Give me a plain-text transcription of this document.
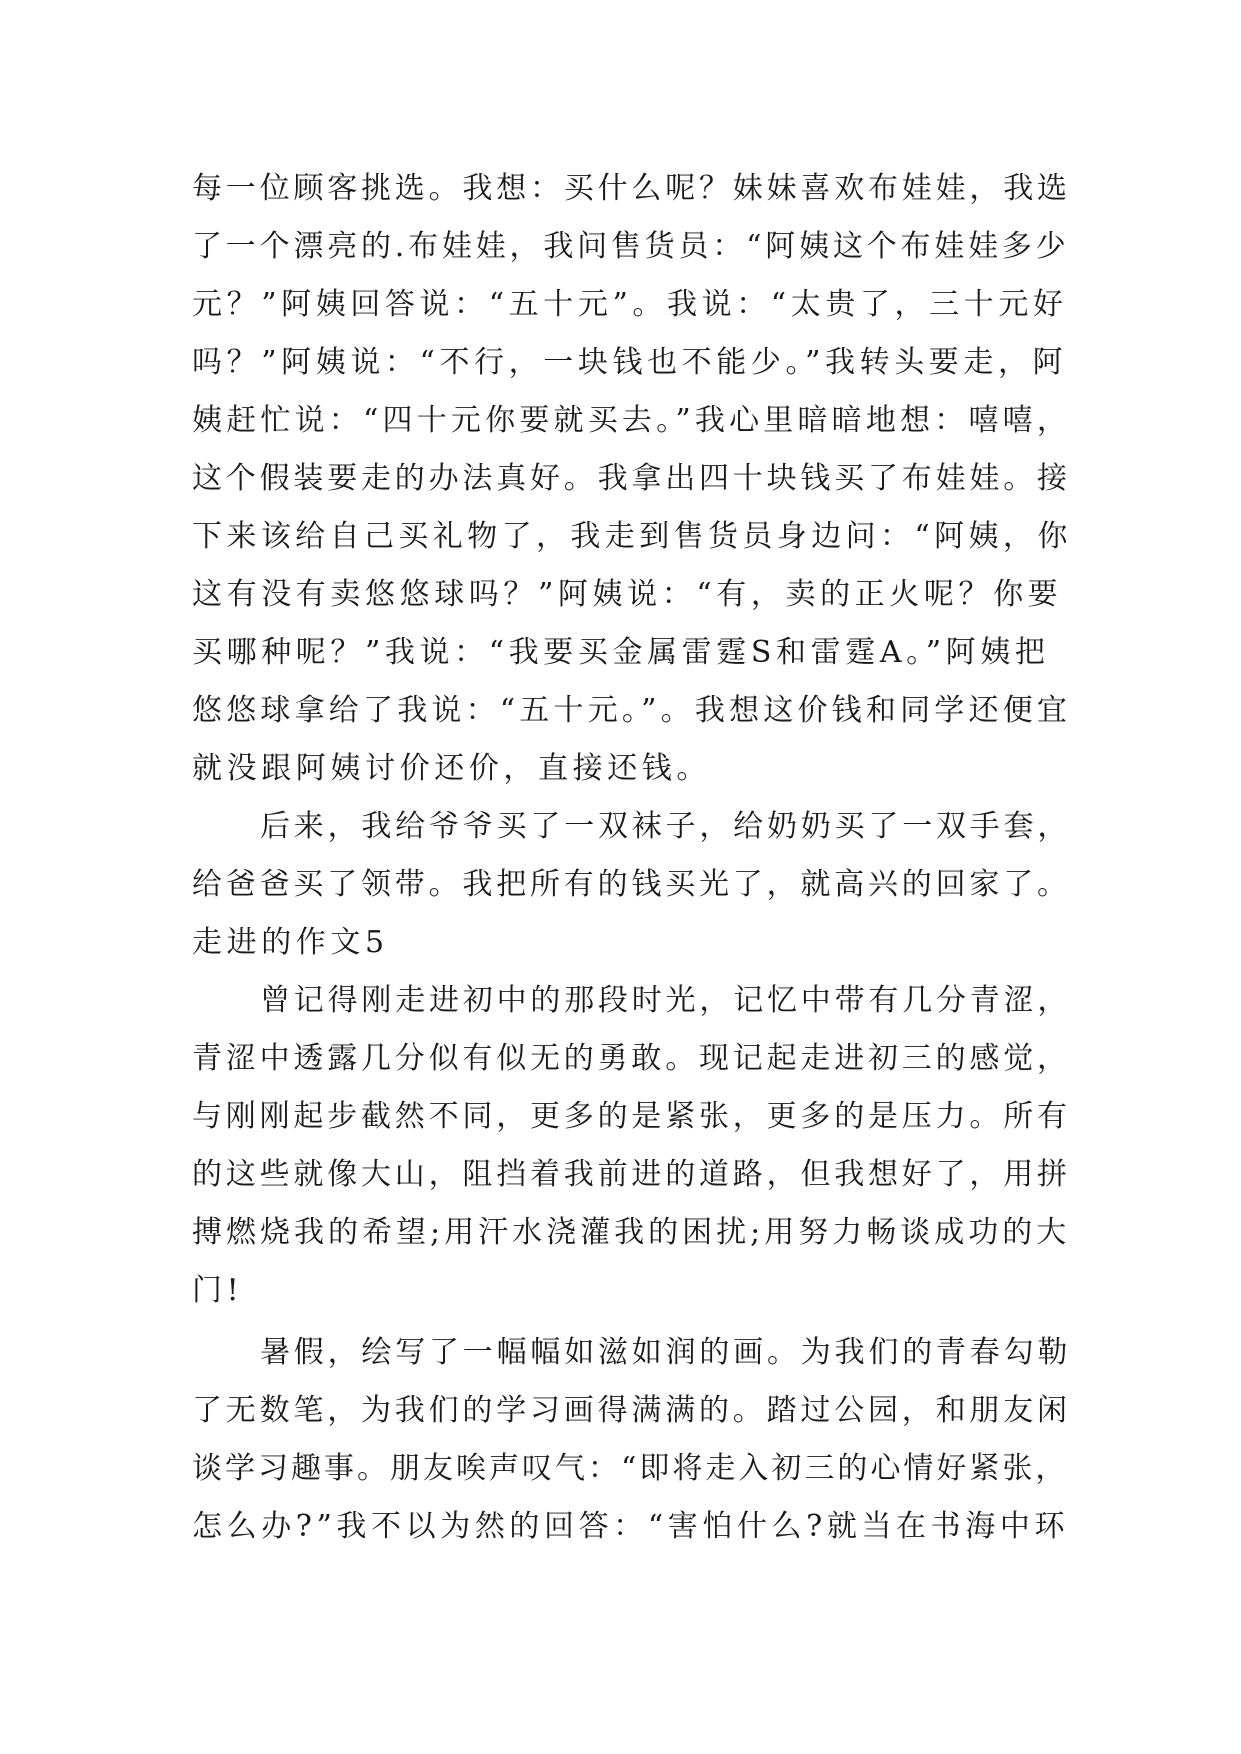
每一位顾客挑选。我想：买什么呢？妹妹喜欢布娃娃，我选
了一个漂亮的.布娃娃，我问售货员：“阿姨这个布娃娃多少
元？”阿姨回答说：“五十元”。我说：“太贵了，三十元好
吗？”阿姨说：“不行，一块钱也不能少。”我转头要走，阿
姨赶忙说：“四十元你要就买去。”我心里暗暗地想：嘻嘻，
这个假装要走的办法真好。我拿出四十块钱买了布娃娃。接
下来该给自己买礼物了，我走到售货员身边问：“阿姨，你
这有没有卖悠悠球吗？”阿姨说：“有，卖的正火呢？你要
买哪种呢？”我说：“我要买金属雷霆S和雷霆A。”阿姨把
悠悠球拿给了我说：“五十元。”。我想这价钱和同学还便宜
就没跟阿姨讨价还价，直接还钱。
后来，我给爷爷买了一双袜子，给奶奶买了一双手套，
给爸爸买了领带。我把所有的钱买光了，就高兴的回家了。
走进的作文5
曾记得刚走进初中的那段时光，记忆中带有几分青涩，
青涩中透露几分似有似无的勇敢。现记起走进初三的感觉，
与刚刚起步截然不同，更多的是紧张，更多的是压力。所有
的这些就像大山，阻挡着我前进的道路，但我想好了，用拼
搏燃烧我的希望;用汗水浇灌我的困扰;用努力畅谈成功的大
门!
暑假，绘写了一幅幅如滋如润的画。为我们的青春勾勒
了无数笔，为我们的学习画得满满的。踏过公园，和朋友闲
谈学习趣事。朋友唉声叹气：“即将走入初三的心情好紧张，
怎么办?”我不以为然的回答：“害怕什么?就当在书海中环
